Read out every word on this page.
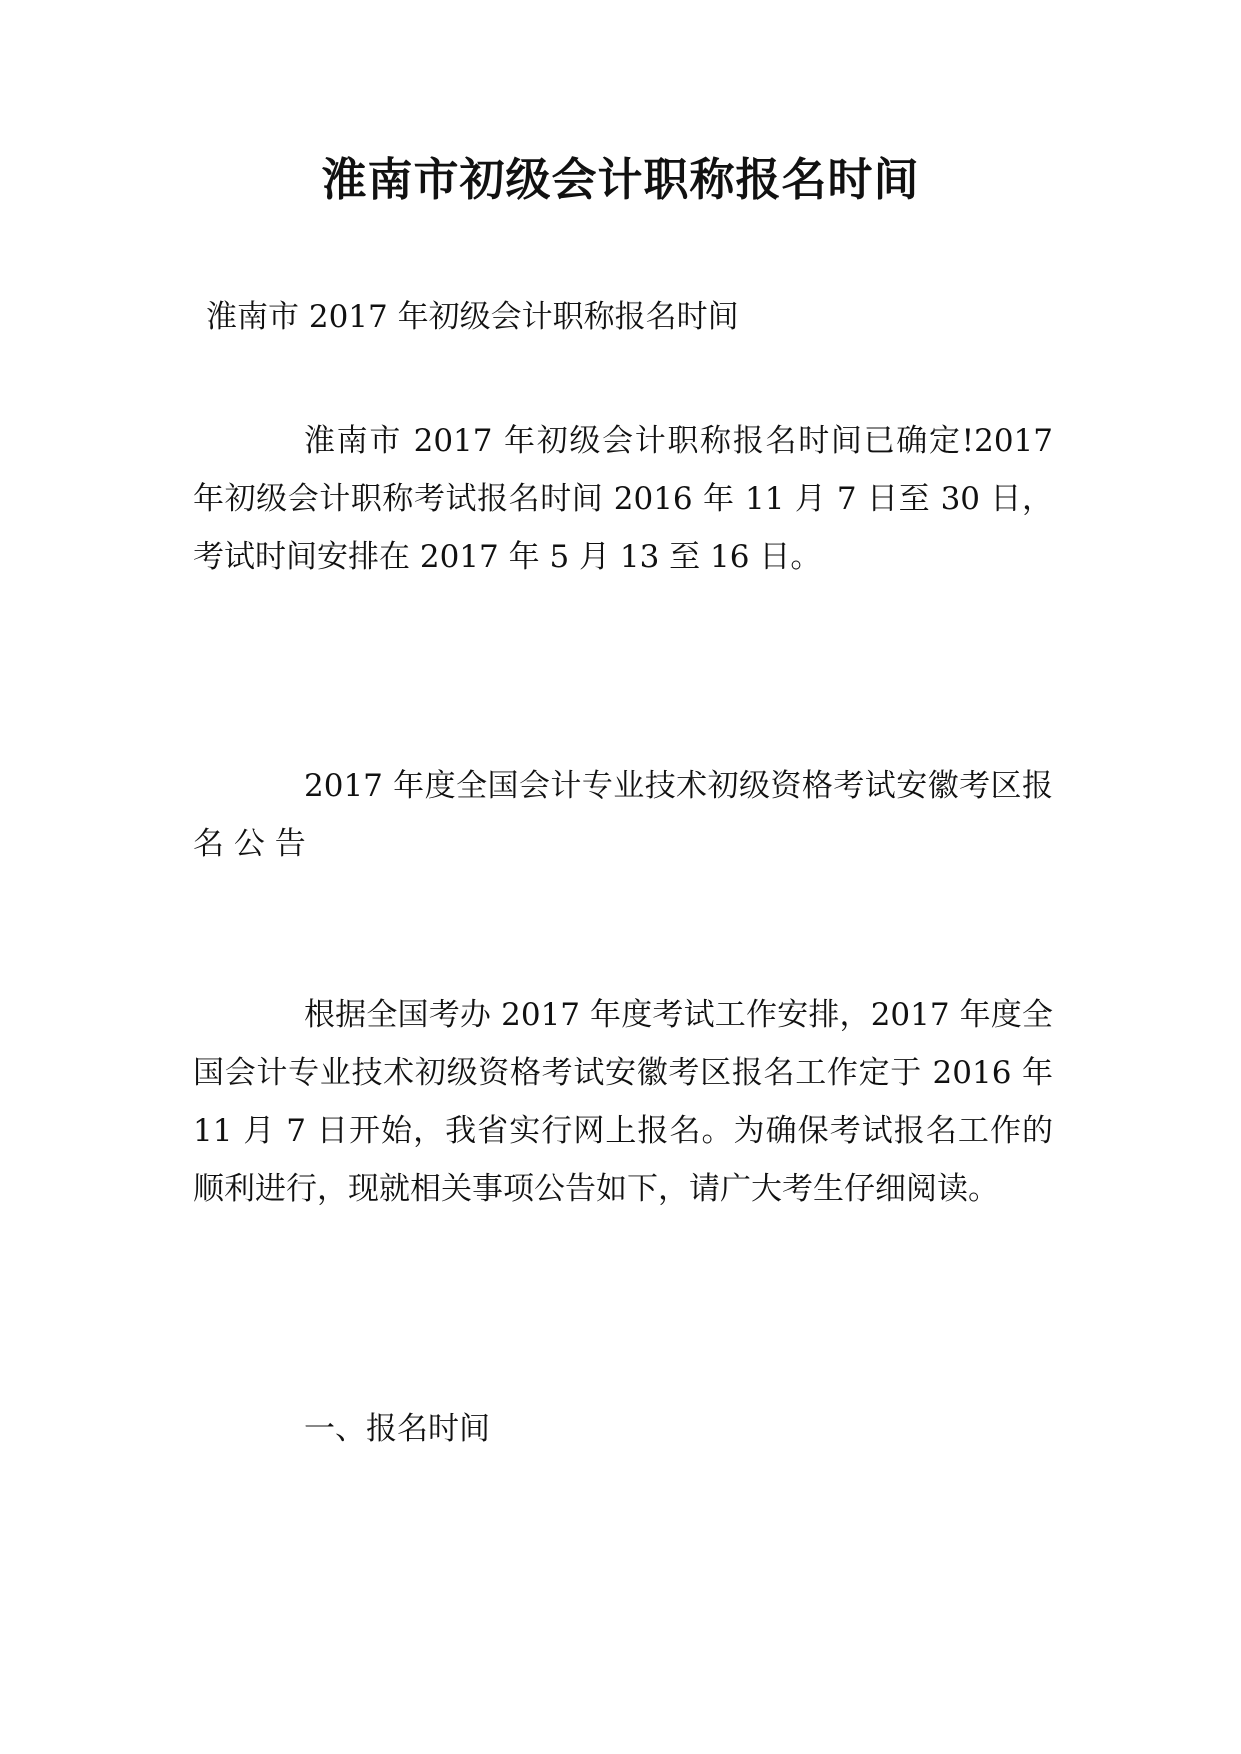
淮南市初级会计职称报名时间

淮南市 2017 年初级会计职称报名时间

淮南市 2017 年初级会计职称报名时间已确定!2017 年初级会计职称考试报名时间 2016 年 11 月 7 日至 30 日，考试时间安排在 2017 年 5 月 13 至 16 日。

2017 年度全国会计专业技术初级资格考试安徽考区报名 公 告

根据全国考办 2017 年度考试工作安排，2017 年度全国会计专业技术初级资格考试安徽考区报名工作定于 2016 年 11 月 7 日开始，我省实行网上报名。为确保考试报名工作的顺利进行，现就相关事项公告如下，请广大考生仔细阅读。

一、报名时间
